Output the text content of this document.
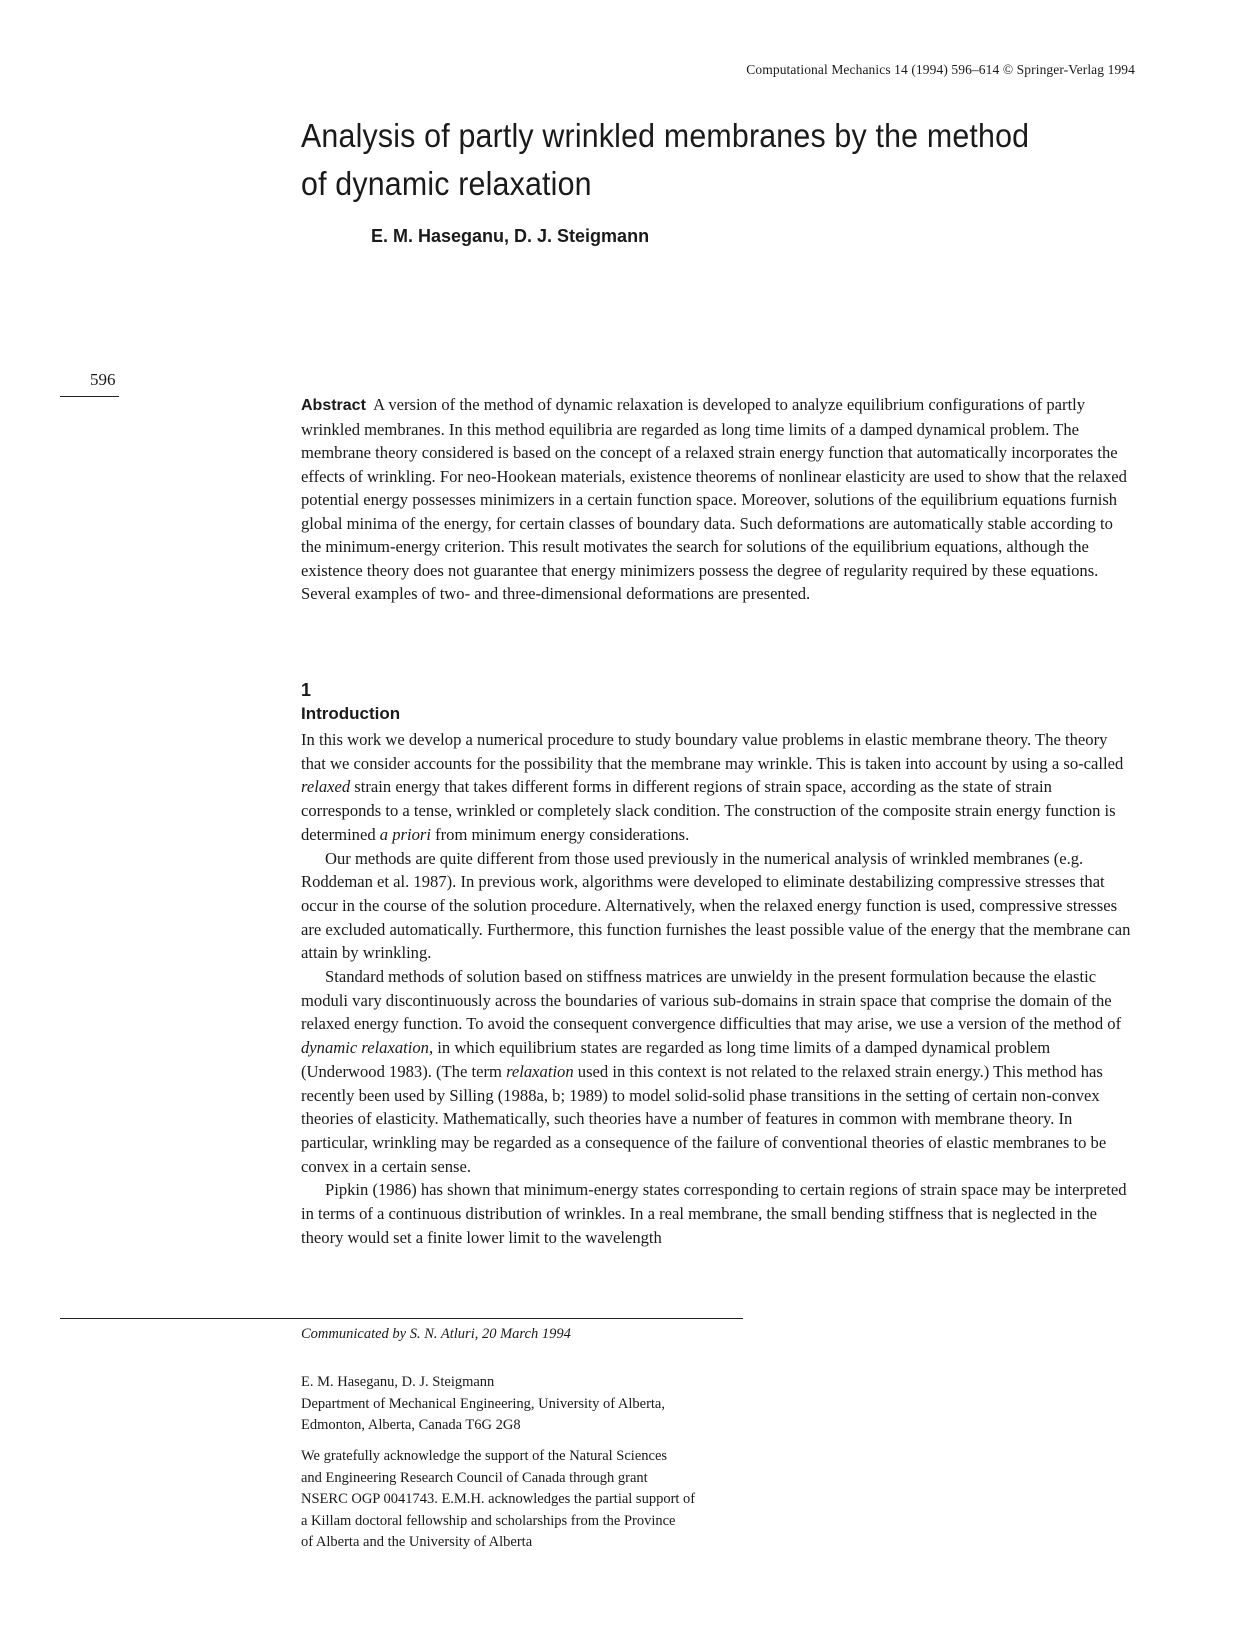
Computational Mechanics 14 (1994) 596–614 © Springer-Verlag 1994
Analysis of partly wrinkled membranes by the method of dynamic relaxation
E. M. Haseganu, D. J. Steigmann
596

Abstract A version of the method of dynamic relaxation is developed to analyze equilibrium configurations of partly wrinkled membranes. In this method equilibria are regarded as long time limits of a damped dynamical problem. The membrane theory considered is based on the concept of a relaxed strain energy function that automatically incorporates the effects of wrinkling. For neo-Hookean materials, existence theorems of nonlinear elasticity are used to show that the relaxed potential energy possesses minimizers in a certain function space. Moreover, solutions of the equilibrium equations furnish global minima of the energy, for certain classes of boundary data. Such deformations are automatically stable according to the minimum-energy criterion. This result motivates the search for solutions of the equilibrium equations, although the existence theory does not guarantee that energy minimizers possess the degree of regularity required by these equations. Several examples of two- and three-dimensional deformations are presented.

1
Introduction

In this work we develop a numerical procedure to study boundary value problems in elastic membrane theory. The theory that we consider accounts for the possibility that the membrane may wrinkle. This is taken into account by using a so-called relaxed strain energy that takes different forms in different regions of strain space, according as the state of strain corresponds to a tense, wrinkled or completely slack condition. The construction of the composite strain energy function is determined a priori from minimum energy considerations.

Our methods are quite different from those used previously in the numerical analysis of wrinkled membranes (e.g. Roddeman et al. 1987). In previous work, algorithms were developed to eliminate destabilizing compressive stresses that occur in the course of the solution procedure. Alternatively, when the relaxed energy function is used, compressive stresses are excluded automatically. Furthermore, this function furnishes the least possible value of the energy that the membrane can attain by wrinkling.

Standard methods of solution based on stiffness matrices are unwieldy in the present formulation because the elastic moduli vary discontinuously across the boundaries of various sub-domains in strain space that comprise the domain of the relaxed energy function. To avoid the consequent convergence difficulties that may arise, we use a version of the method of dynamic relaxation, in which equilibrium states are regarded as long time limits of a damped dynamical problem (Underwood 1983). (The term relaxation used in this context is not related to the relaxed strain energy.) This method has recently been used by Silling (1988a, b; 1989) to model solid-solid phase transitions in the setting of certain non-convex theories of elasticity. Mathematically, such theories have a number of features in common with membrane theory. In particular, wrinkling may be regarded as a consequence of the failure of conventional theories of elastic membranes to be convex in a certain sense.

Pipkin (1986) has shown that minimum-energy states corresponding to certain regions of strain space may be interpreted in terms of a continuous distribution of wrinkles. In a real membrane, the small bending stiffness that is neglected in the theory would set a finite lower limit to the wavelength

Communicated by S. N. Atluri, 20 March 1994
E. M. Haseganu, D. J. Steigmann
Department of Mechanical Engineering, University of Alberta,
Edmonton, Alberta, Canada T6G 2G8
We gratefully acknowledge the support of the Natural Sciences
and Engineering Research Council of Canada through grant
NSERC OGP 0041743. E.M.H. acknowledges the partial support of
a Killam doctoral fellowship and scholarships from the Province
of Alberta and the University of Alberta
